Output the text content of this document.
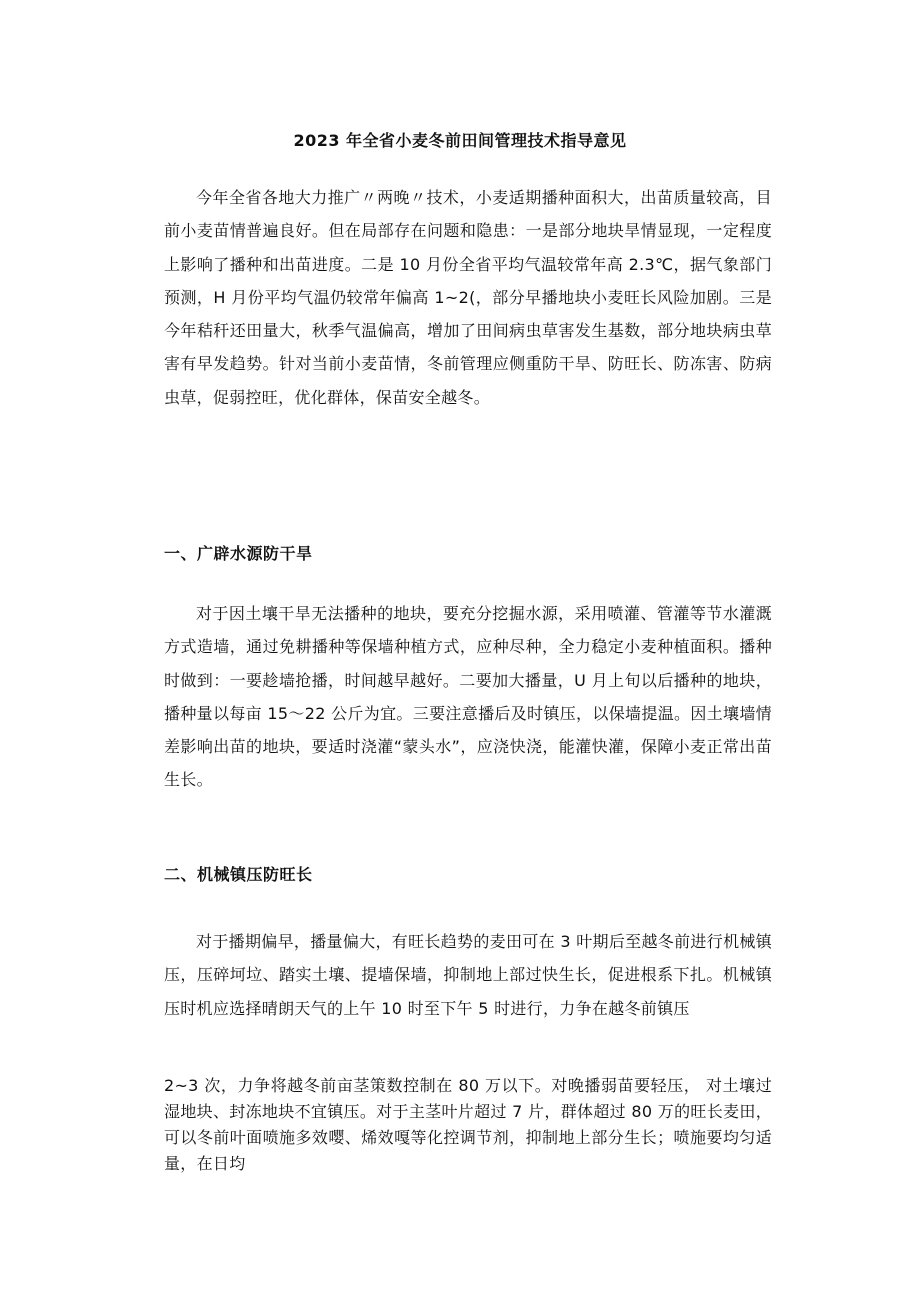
2023 年全省小麦冬前田间管理技术指导意见

今年全省各地大力推广〃两晚〃技术，小麦适期播种面积大，出苗质量较高，目前小麦苗情普遍良好。但在局部存在问题和隐患：一是部分地块旱情显现，一定程度上影响了播种和出苗进度。二是 10 月份全省平均气温较常年高 2.3℃，据气象部门预测，H 月份平均气温仍较常年偏高 1~2(，部分早播地块小麦旺长风险加剧。三是今年秸秆还田量大，秋季气温偏高，增加了田间病虫草害发生基数，部分地块病虫草害有早发趋势。针对当前小麦苗情，冬前管理应侧重防干旱、防旺长、防冻害、防病虫草，促弱控旺，优化群体，保苗安全越冬。

一、广辟水源防干旱

对于因土壤干旱无法播种的地块，要充分挖掘水源，采用喷灌、管灌等节水灌溉方式造墙，通过免耕播种等保墙种植方式，应种尽种，全力稳定小麦种植面积。播种时做到：一要趁墙抢播，时间越早越好。二要加大播量，U 月上旬以后播种的地块，播种量以每亩 15〜22 公斤为宜。三要注意播后及时镇压，以保墙提温。因土壤墙情差影响出苗的地块，要适时浇灌“蒙头水”，应浇快浇，能灌快灌，保障小麦正常出苗生长。

二、机械镇压防旺长

对于播期偏早，播量偏大，有旺长趋势的麦田可在 3 叶期后至越冬前进行机械镇压，压碎坷垃、踏实土壤、提墙保墙，抑制地上部过快生长，促进根系下扎。机械镇压时机应选择晴朗天气的上午 10 时至下午 5 时进行，力争在越冬前镇压

2~3 次，力争将越冬前亩茎策数控制在 80 万以下。对晚播弱苗要轻压， 对土壤过湿地块、封冻地块不宜镇压。对于主茎叶片超过 7 片，群体超过 80 万的旺长麦田，可以冬前叶面喷施多效嘤、烯效嘎等化控调节剂，抑制地上部分生长；喷施要均匀适量，在日均
